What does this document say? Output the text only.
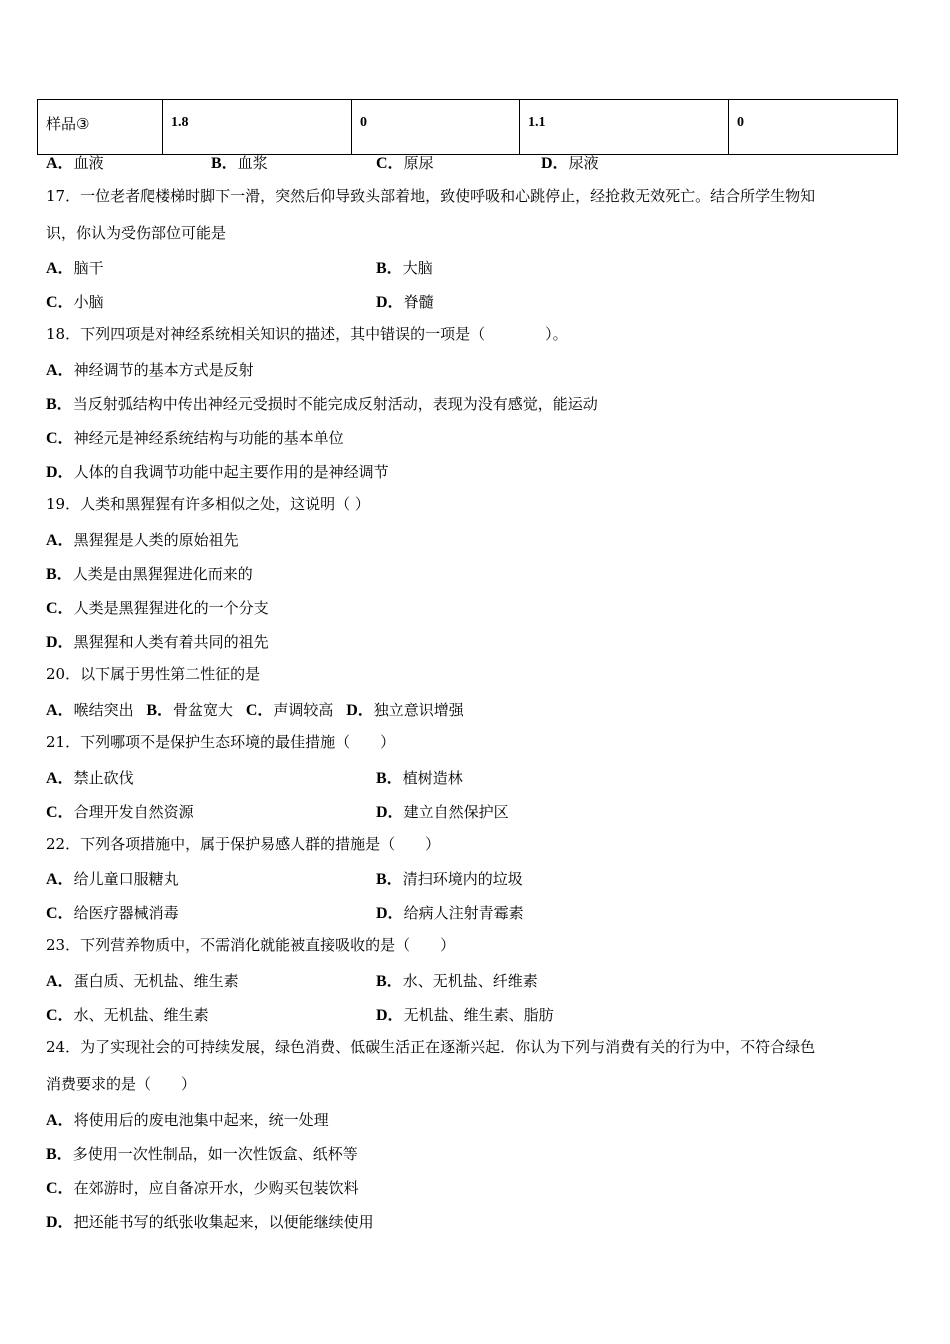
样品③	1.8	0	1.1	0
A．血液	B．血浆	C．原尿	D．尿液
17．一位老者爬楼梯时脚下一滑，突然后仰导致头部着地，致使呼吸和心跳停止，经抢救无效死亡。结合所学生物知
识，你认为受伤部位可能是
A．脑干	B．大脑
C．小脑	D．脊髓
18．下列四项是对神经系统相关知识的描述，其中错误的一项是（　　　　）。
A．神经调节的基本方式是反射
B．当反射弧结构中传出神经元受损时不能完成反射活动，表现为没有感觉，能运动
C．神经元是神经系统结构与功能的基本单位
D．人体的自我调节功能中起主要作用的是神经调节
19．人类和黑猩猩有许多相似之处，这说明（ ）
A．黑猩猩是人类的原始祖先
B．人类是由黑猩猩进化而来的
C．人类是黑猩猩进化的一个分支
D．黑猩猩和人类有着共同的祖先
20．以下属于男性第二性征的是
A．喉结突出 B．骨盆宽大 C．声调较高 D．独立意识增强
21．下列哪项不是保护生态环境的最佳措施（　　）
A．禁止砍伐	B．植树造林
C．合理开发自然资源	D．建立自然保护区
22．下列各项措施中，属于保护易感人群的措施是（　　）
A．给儿童口服糖丸	B．清扫环境内的垃圾
C．给医疗器械消毒	D．给病人注射青霉素
23．下列营养物质中，不需消化就能被直接吸收的是（　　）
A．蛋白质、无机盐、维生素	B．水、无机盐、纤维素
C．水、无机盐、维生素	D．无机盐、维生素、脂肪
24．为了实现社会的可持续发展，绿色消费、低碳生活正在逐渐兴起．你认为下列与消费有关的行为中，不符合绿色
消费要求的是（　　）
A．将使用后的废电池集中起来，统一处理
B．多使用一次性制品，如一次性饭盒、纸杯等
C．在郊游时，应自备凉开水，少购买包装饮料
D．把还能书写的纸张收集起来，以便能继续使用
